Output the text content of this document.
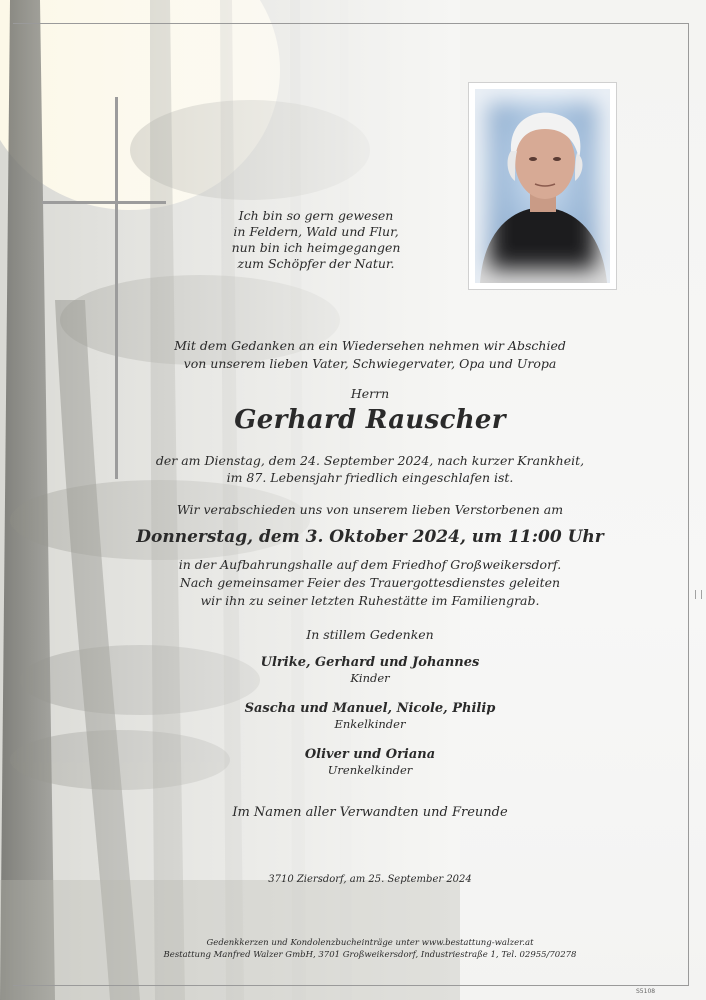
Ich bin so gern gewesen
in Feldern, Wald und Flur,
nun bin ich heimgegangen
zum Schöpfer der Natur.
Mit dem Gedanken an ein Wiedersehen nehmen wir Abschied
von unserem lieben Vater, Schwiegervater, Opa und Uropa
Herrn
Gerhard Rauscher
der am Dienstag, dem 24. September 2024, nach kurzer Krankheit,
im 87. Lebensjahr friedlich eingeschlafen ist.
Wir verabschieden uns von unserem lieben Verstorbenen am
Donnerstag, dem 3. Oktober 2024, um 11:00 Uhr
in der Aufbahrungshalle auf dem Friedhof Großweikersdorf.
Nach gemeinsamer Feier des Trauergottesdienstes geleiten
wir ihn zu seiner letzten Ruhestätte im Familiengrab.
In stillem Gedenken
Ulrike, Gerhard und Johannes
Kinder
Sascha und Manuel, Nicole, Philip
Enkelkinder
Oliver und Oriana
Urenkelkinder
Im Namen aller Verwandten und Freunde
3710 Ziersdorf, am 25. September 2024
Gedenkkerzen und Kondolenzbucheinträge unter www.bestattung-walzer.at
Bestattung Manfred Walzer GmbH, 3701 Großweikersdorf, Industriestraße 1, Tel. 02955/70278
S5108
| |
